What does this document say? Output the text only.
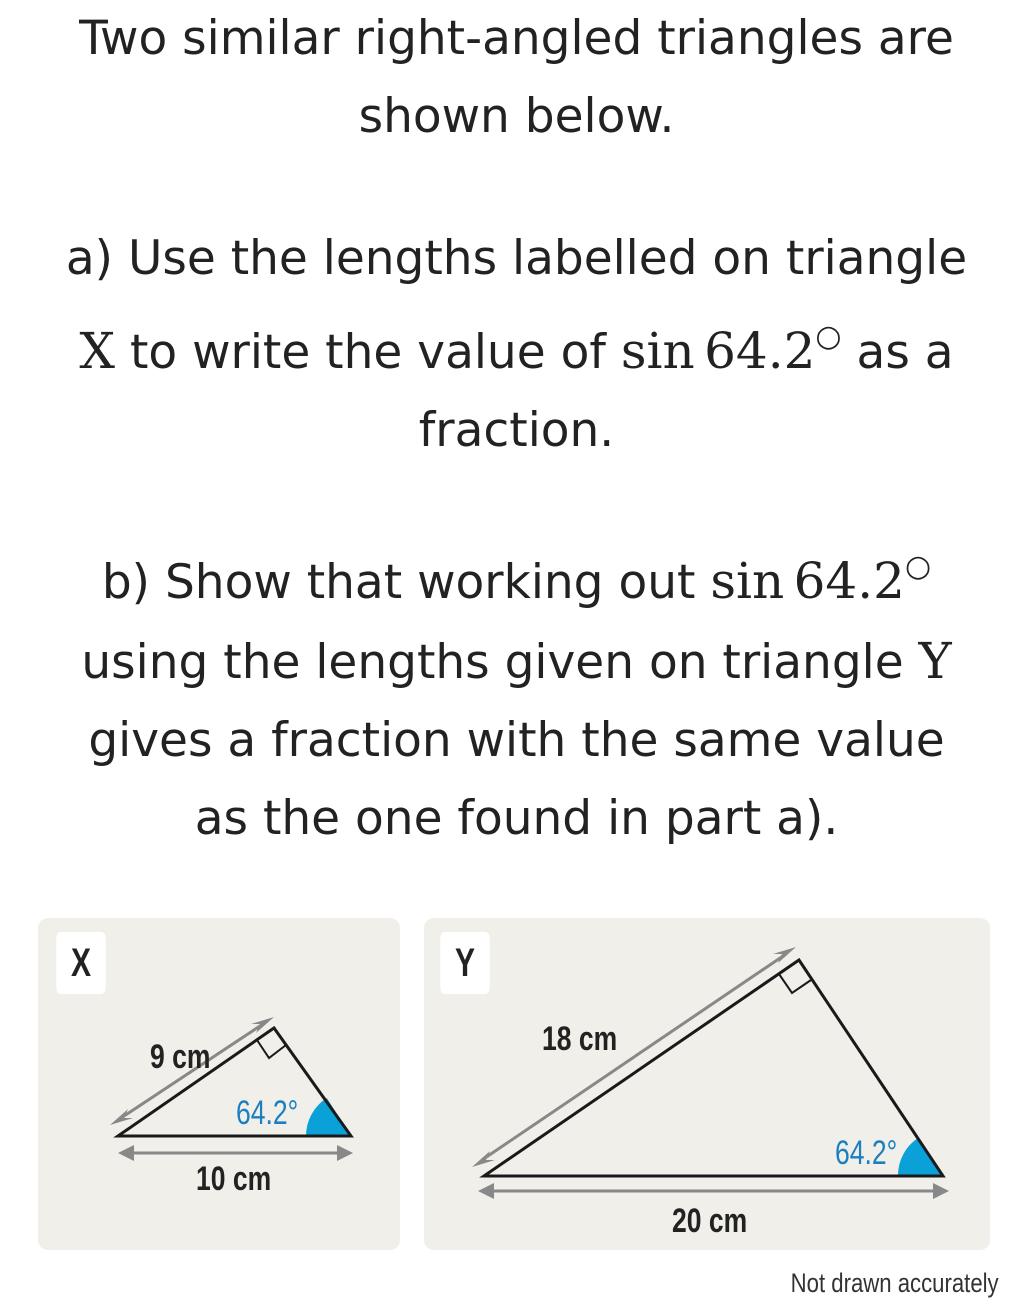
Two similar right-angled triangles are
shown below.
a) Use the lengths labelled on triangle
X to write the value of sin  64.2○ as a
fraction.
b) Show that working out sin  64.2○
using the lengths given on triangle Y
gives a fraction with the same value
as the one found in part a).
X
9 cm
64.2°
10 cm
Y
18 cm
64.2°
20 cm
Not drawn accurately
